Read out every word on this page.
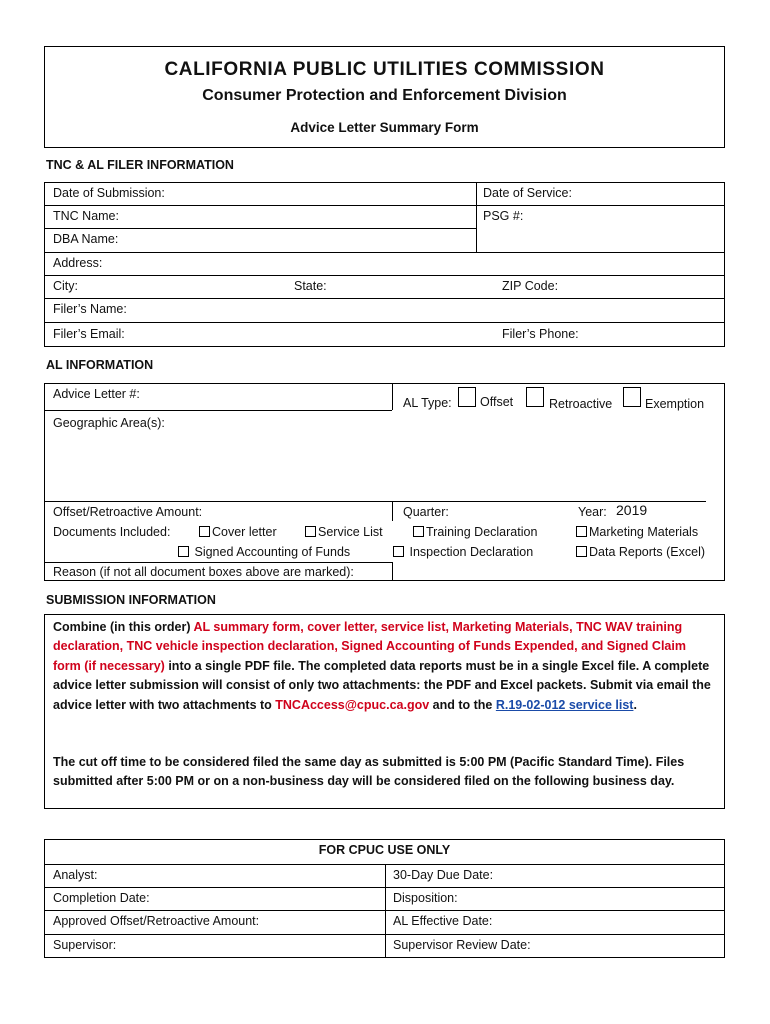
CALIFORNIA PUBLIC UTILITIES COMMISSION
Consumer Protection and Enforcement Division
Advice Letter Summary Form
TNC & AL FILER INFORMATION
Date of Submission:	Date of Service:
TNC Name:	PSG #:
DBA Name:
Address:
City:	State:	ZIP Code:
Filer’s Name:
Filer’s Email:	Filer’s Phone:
AL INFORMATION
Advice Letter #:
AL Type: Offset	Retroactive	Exemption
Geographic Area(s):
Offset/Retroactive Amount:	Quarter:	Year: 2019
Documents Included:	Cover letter	Service List	Training Declaration	Marketing Materials
Signed Accounting of Funds	Inspection Declaration	Data Reports (Excel)
Reason (if not all document boxes above are marked):
SUBMISSION INFORMATION
Combine (in this order) AL summary form, cover letter, service list, Marketing Materials, TNC WAV training declaration, TNC vehicle inspection declaration, Signed Accounting of Funds Expended, and Signed Claim form (if necessary) into a single PDF file. The completed data reports must be in a single Excel file. A complete advice letter submission will consist of only two attachments: the PDF and Excel packets. Submit via email the advice letter with two attachments to TNCAccess@cpuc.ca.gov and to the R.19-02-012 service list.
The cut off time to be considered filed the same day as submitted is 5:00 PM (Pacific Standard Time). Files submitted after 5:00 PM or on a non-business day will be considered filed on the following business day.
FOR CPUC USE ONLY
Analyst:	30-Day Due Date:
Completion Date:	Disposition:
Approved Offset/Retroactive Amount:	AL Effective Date:
Supervisor:	Supervisor Review Date:
